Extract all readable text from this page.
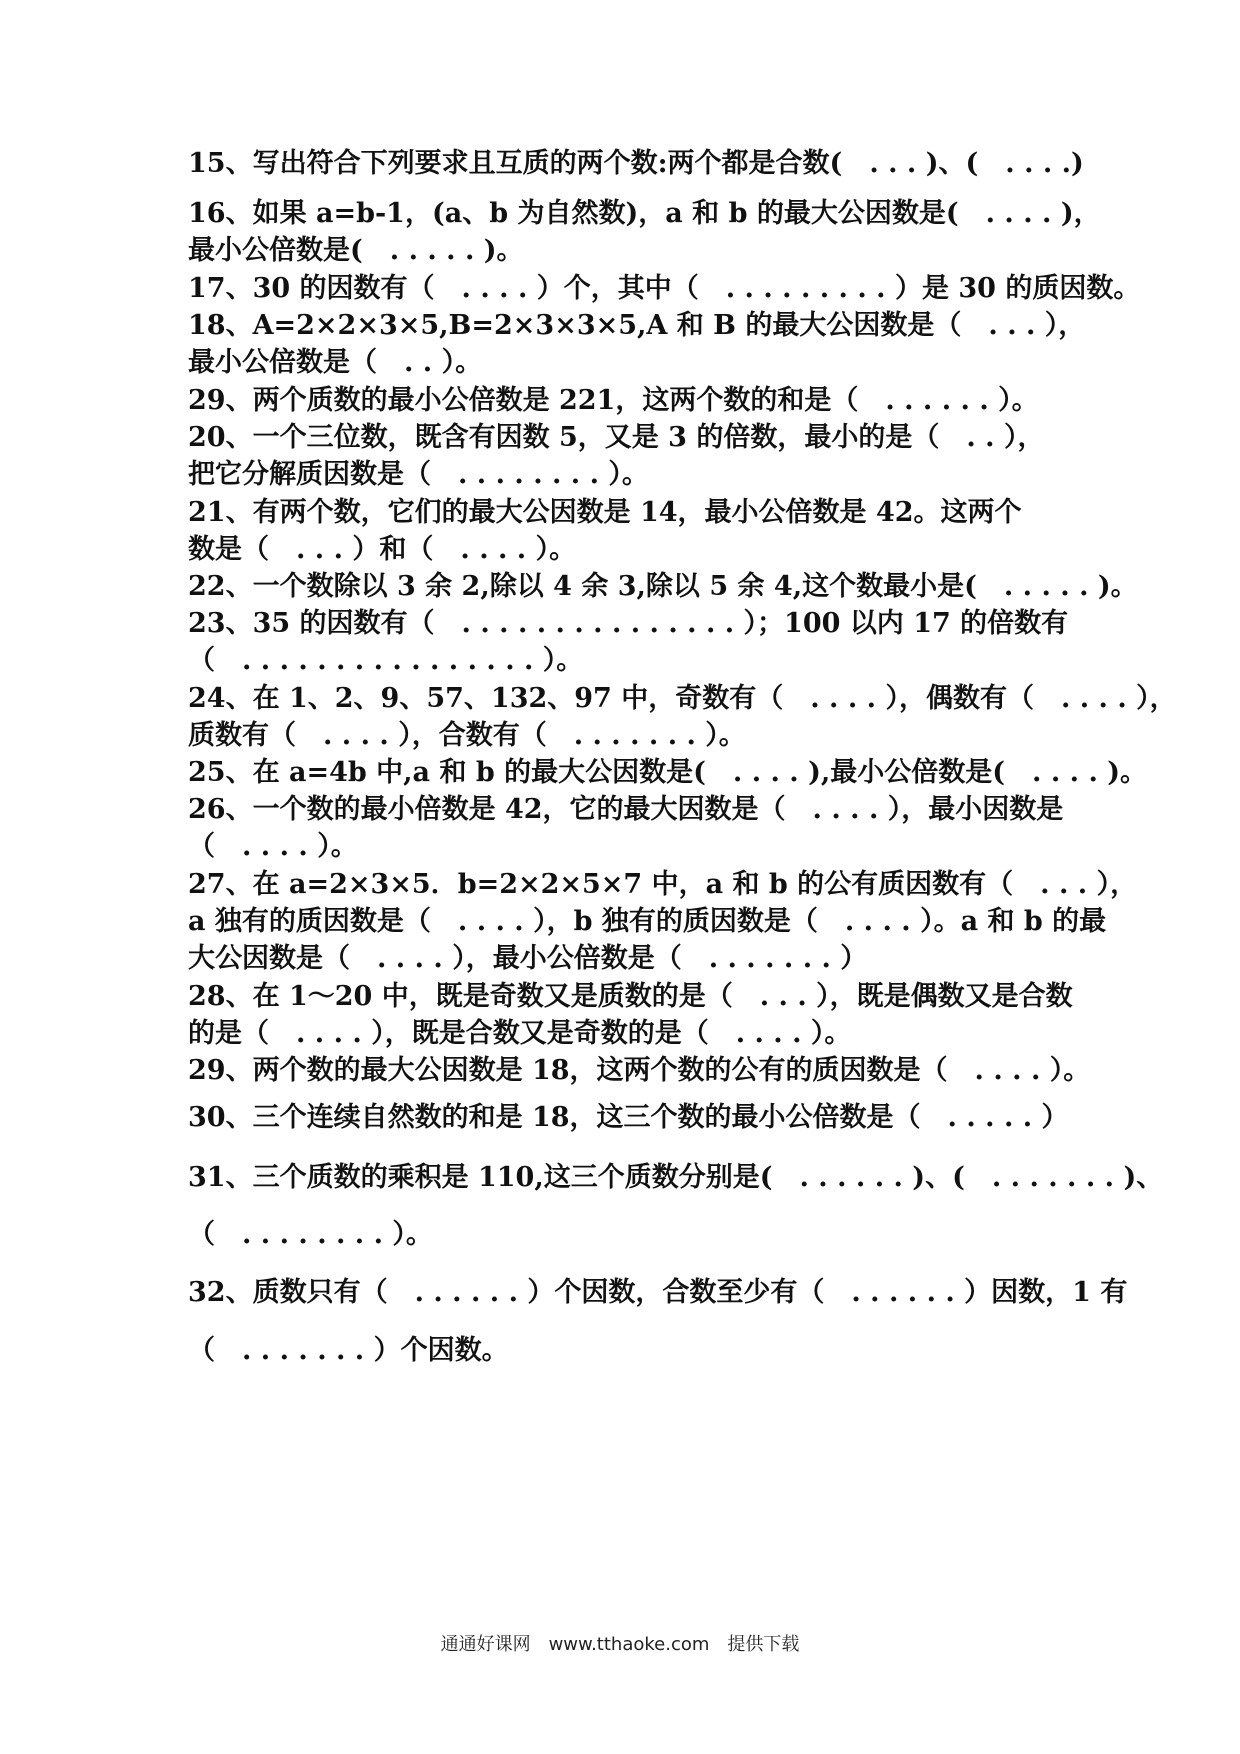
15、写出符合下列要求且互质的两个数:两个都是合数(　. . . )、(　. . . .)
16、如果 a=b-1，(a、b 为自然数)，a 和 b 的最大公因数是(　. . . . )，
最小公倍数是(　. . . . . )。
17、30 的因数有（　. . . . ）个，其中（　. . . . . . . . . ）是 30 的质因数。
18、A=2×2×3×5,B=2×3×3×5,A 和 B 的最大公因数是（　. . . ），
最小公倍数是（　. . ）。
29、两个质数的最小公倍数是 221，这两个数的和是（　. . . . . . ）。
20、一个三位数，既含有因数 5，又是 3 的倍数，最小的是（　. . ），
把它分解质因数是（　. . . . . . . . ）。
21、有两个数，它们的最大公因数是 14，最小公倍数是 42。这两个
数是（　. . . ）和（　. . . . ）。
22、一个数除以 3 余 2,除以 4 余 3,除以 5 余 4,这个数最小是(　. . . . . )。
23、35 的因数有（　. . . . . . . . . . . . . . . ）；100 以内 17 的倍数有
（　. . . . . . . . . . . . . . . . ）。
24、在 1、2、9、57、132、97 中，奇数有（　. . . . ），偶数有（　. . . . ），
质数有（　. . . . ），合数有（　. . . . . . . ）。
25、在 a=4b 中,a 和 b 的最大公因数是(　. . . . ),最小公倍数是(　. . . . )。
26、一个数的最小倍数是 42，它的最大因数是（　. . . . ），最小因数是
（　. . . . ）。
27、在 a=2×3×5．b=2×2×5×7 中，a 和 b 的公有质因数有（　. . . ），
a 独有的质因数是（　. . . . ），b 独有的质因数是（　. . . . ）。a 和 b 的最
大公因数是（　. . . . ），最小公倍数是（　. . . . . . . ）
28、在 1～20 中，既是奇数又是质数的是（　. . . ），既是偶数又是合数
的是（　. . . . ），既是合数又是奇数的是（　. . . . ）。
29、两个数的最大公因数是 18，这两个数的公有的质因数是（　. . . . ）。
30、三个连续自然数的和是 18，这三个数的最小公倍数是（　. . . . . ）
31、三个质数的乘积是 110,这三个质数分别是(　. . . . . . )、(　. . . . . . . )、
（　. . . . . . . . ）。
32、质数只有（　. . . . . . ）个因数，合数至少有（　. . . . . . ）因数，1 有
（　. . . . . . . ）个因数。
通通好课网　www.tthaoke.com　提供下载
